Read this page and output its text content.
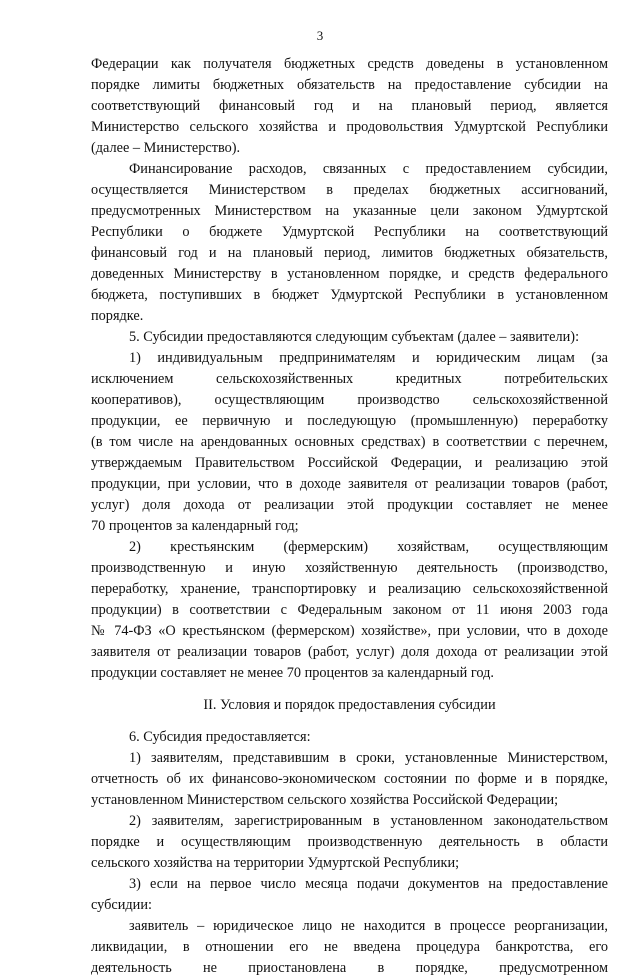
3
Федерации как получателя бюджетных средств доведены в установленном
порядке лимиты бюджетных обязательств на предоставление субсидии на
соответствующий финансовый год и на плановый период, является
Министерство сельского хозяйства и продовольствия Удмуртской Республики
(далее – Министерство).
Финансирование расходов, связанных с предоставлением субсидии,
осуществляется Министерством в пределах бюджетных ассигнований,
предусмотренных Министерством на указанные цели законом Удмуртской
Республики о бюджете Удмуртской Республики на соответствующий
финансовый год и на плановый период, лимитов бюджетных обязательств,
доведенных Министерству в установленном порядке, и средств федерального
бюджета, поступивших в бюджет Удмуртской Республики в установленном
порядке.
5. Субсидии предоставляются следующим субъектам (далее – заявители):
1) индивидуальным предпринимателям и юридическим лицам (за
исключением сельскохозяйственных кредитных потребительских
кооперативов), осуществляющим производство сельскохозяйственной
продукции, ее первичную и последующую (промышленную) переработку
(в том числе на арендованных основных средствах) в соответствии с перечнем,
утверждаемым Правительством Российской Федерации, и реализацию этой
продукции, при условии, что в доходе заявителя от реализации товаров (работ,
услуг) доля дохода от реализации этой продукции составляет не менее
70 процентов за календарный год;
2) крестьянским (фермерским) хозяйствам, осуществляющим
производственную и иную хозяйственную деятельность (производство,
переработку, хранение, транспортировку и реализацию сельскохозяйственной
продукции) в соответствии с Федеральным законом от 11 июня 2003 года
№ 74-ФЗ «О крестьянском (фермерском) хозяйстве», при условии, что в доходе
заявителя от реализации товаров (работ, услуг) доля дохода от реализации этой
продукции составляет не менее 70 процентов за календарный год.
II. Условия и порядок предоставления субсидии
6. Субсидия предоставляется:
1) заявителям, представившим в сроки, установленные Министерством,
отчетность об их финансово-экономическом состоянии по форме и в порядке,
установленном Министерством сельского хозяйства Российской Федерации;
2) заявителям, зарегистрированным в установленном законодательством
порядке и осуществляющим производственную деятельность в области
сельского хозяйства на территории Удмуртской Республики;
3) если на первое число месяца подачи документов на предоставление
субсидии:
заявитель – юридическое лицо не находится в процессе реорганизации,
ликвидации, в отношении его не введена процедура банкротства, его
деятельность не приостановлена в порядке, предусмотренном
